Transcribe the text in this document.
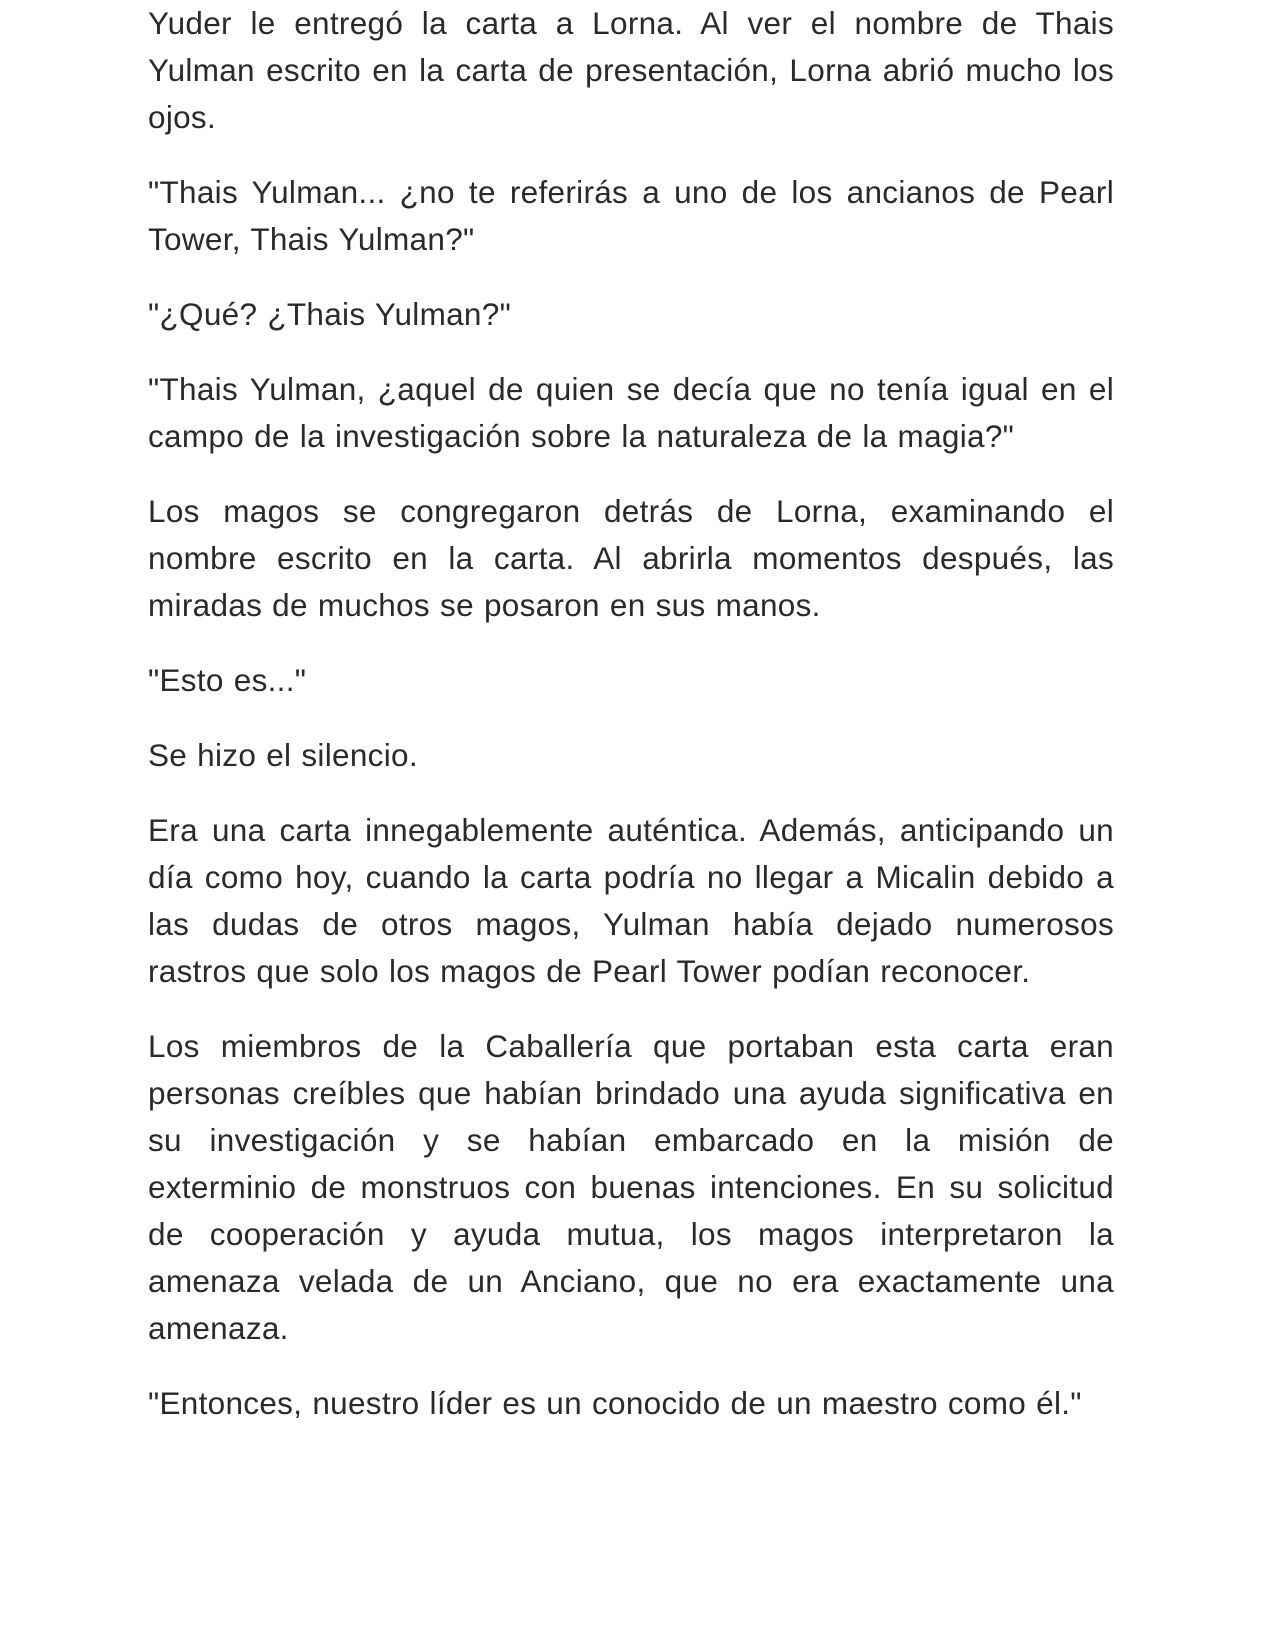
Yuder le entregó la carta a Lorna. Al ver el nombre de Thais Yulman escrito en la carta de presentación, Lorna abrió mucho los ojos.

"Thais Yulman... ¿no te referirás a uno de los ancianos de Pearl Tower, Thais Yulman?"

"¿Qué? ¿Thais Yulman?"

"Thais Yulman, ¿aquel de quien se decía que no tenía igual en el campo de la investigación sobre la naturaleza de la magia?"

Los magos se congregaron detrás de Lorna, examinando el nombre escrito en la carta. Al abrirla momentos después, las miradas de muchos se posaron en sus manos.

"Esto es..."

Se hizo el silencio.

Era una carta innegablemente auténtica. Además, anticipando un día como hoy, cuando la carta podría no llegar a Micalin debido a las dudas de otros magos, Yulman había dejado numerosos rastros que solo los magos de Pearl Tower podían reconocer.

Los miembros de la Caballería que portaban esta carta eran personas creíbles que habían brindado una ayuda significativa en su investigación y se habían embarcado en la misión de exterminio de monstruos con buenas intenciones. En su solicitud de cooperación y ayuda mutua, los magos interpretaron la amenaza velada de un Anciano, que no era exactamente una amenaza.

"Entonces, nuestro líder es un conocido de un maestro como él."
